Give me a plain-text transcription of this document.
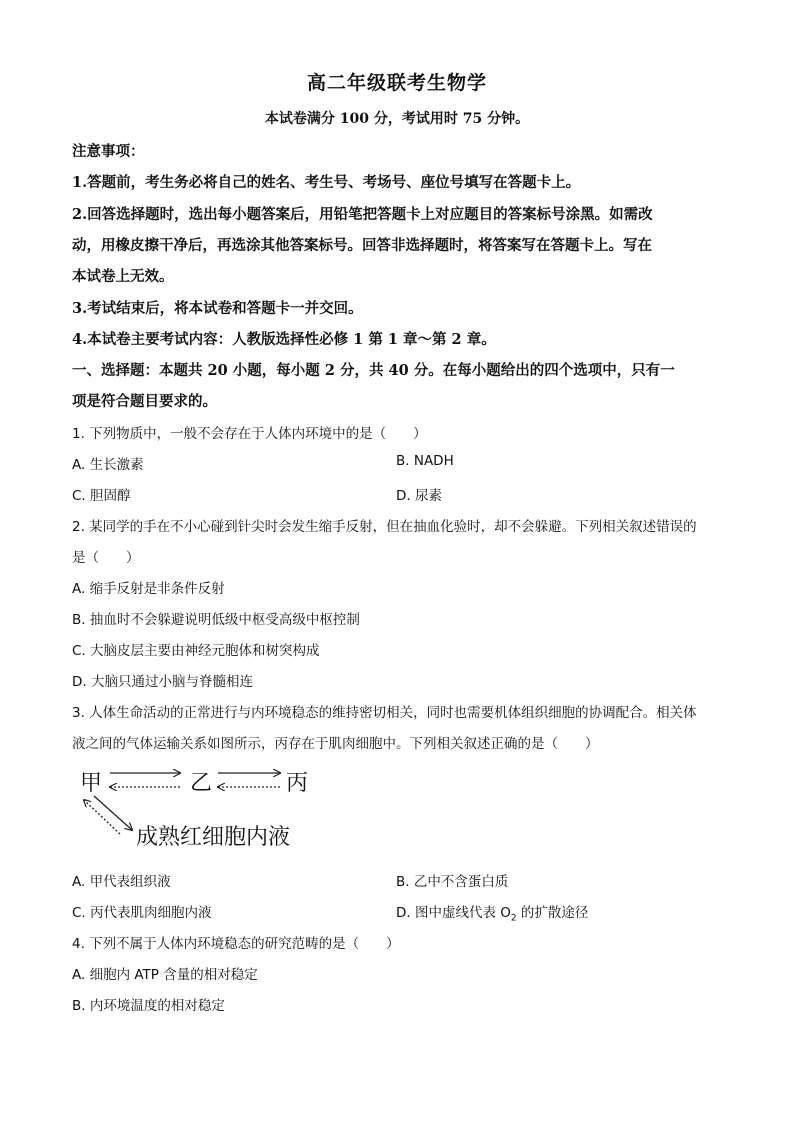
高二年级联考生物学
本试卷满分 100 分，考试用时 75 分钟。
注意事项：
1.答题前，考生务必将自己的姓名、考生号、考场号、座位号填写在答题卡上。
2.回答选择题时，选出每小题答案后，用铅笔把答题卡上对应题目的答案标号涂黑。如需改
动，用橡皮擦干净后，再选涂其他答案标号。回答非选择题时，将答案写在答题卡上。写在
本试卷上无效。
3.考试结束后，将本试卷和答题卡一并交回。
4.本试卷主要考试内容：人教版选择性必修 1 第 1 章～第 2 章。
一、选择题：本题共 20 小题，每小题 2 分，共 40 分。在每小题给出的四个选项中，只有一
项是符合题目要求的。
1. 下列物质中，一般不会存在于人体内环境中的是（　　）
A. 生长激素	B. NADH
C. 胆固醇	D. 尿素
2. 某同学的手在不小心碰到针尖时会发生缩手反射，但在抽血化验时，却不会躲避。下列相关叙述错误的
是（　　）
A. 缩手反射是非条件反射
B. 抽血时不会躲避说明低级中枢受高级中枢控制
C. 大脑皮层主要由神经元胞体和树突构成
D. 大脑只通过小脑与脊髓相连
3. 人体生命活动的正常进行与内环境稳态的维持密切相关，同时也需要机体组织细胞的协调配合。相关体
液之间的气体运输关系如图所示，丙存在于肌肉细胞中。下列相关叙述正确的是（　　）
甲	乙	丙
成熟红细胞内液
A. 甲代表组织液	B. 乙中不含蛋白质
C. 丙代表肌肉细胞内液	D. 图中虚线代表 $O_2$ 的扩散途径
4. 下列不属于人体内环境稳态的研究范畴的是（　　）
A. 细胞内 ATP 含量的相对稳定
B. 内环境温度的相对稳定
